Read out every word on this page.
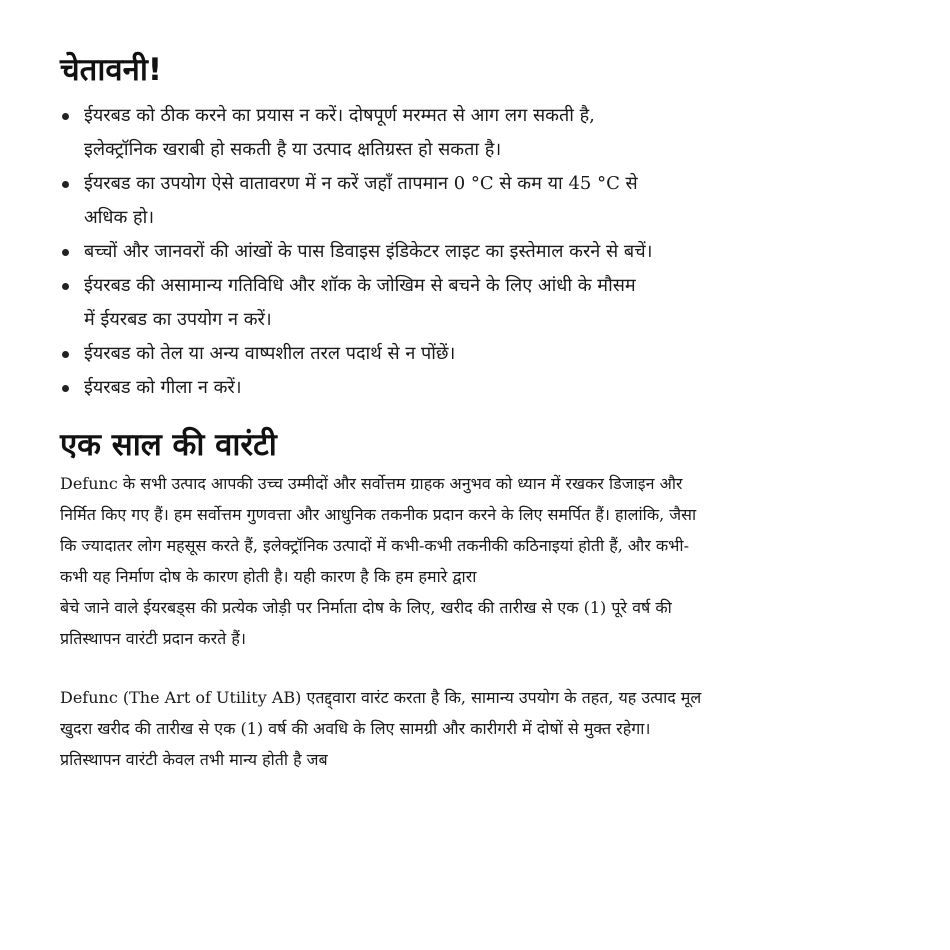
चेतावनी!
ईयरबड को ठीक करने का प्रयास न करें। दोषपूर्ण मरम्मत से आग लग सकती है,
इलेक्ट्रॉनिक खराबी हो सकती है या उत्पाद क्षतिग्रस्त हो सकता है।
ईयरबड का उपयोग ऐसे वातावरण में न करें जहाँ तापमान 0 °C से कम या 45 °C से
अधिक हो।
बच्चों और जानवरों की आंखों के पास डिवाइस इंडिकेटर लाइट का इस्तेमाल करने से बचें।
ईयरबड की असामान्य गतिविधि और शॉक के जोखिम से बचने के लिए आंधी के मौसम
में ईयरबड का उपयोग न करें।
ईयरबड को तेल या अन्य वाष्पशील तरल पदार्थ से न पोंछें।
ईयरबड को गीला न करें।
एक साल की वारंटी

Defunc के सभी उत्पाद आपकी उच्च उम्मीदों और सर्वोत्तम ग्राहक अनुभव को ध्यान में रखकर डिजाइन और
निर्मित किए गए हैं। हम सर्वोत्तम गुणवत्ता और आधुनिक तकनीक प्रदान करने के लिए समर्पित हैं। हालांकि, जैसा
कि ज्यादातर लोग महसूस करते हैं, इलेक्ट्रॉनिक उत्पादों में कभी-कभी तकनीकी कठिनाइयां होती हैं, और कभी-
कभी यह निर्माण दोष के कारण होती है। यही कारण है कि हम हमारे द्वारा
बेचे जाने वाले ईयरबड्स की प्रत्येक जोड़ी पर निर्माता दोष के लिए, खरीद की तारीख से एक (1) पूरे वर्ष की
प्रतिस्थापन वारंटी प्रदान करते हैं।

Defunc (The Art of Utility AB) एतद्द्वारा वारंट करता है कि, सामान्य उपयोग के तहत, यह उत्पाद मूल
खुदरा खरीद की तारीख से एक (1) वर्ष की अवधि के लिए सामग्री और कारीगरी में दोषों से मुक्त रहेगा।
प्रतिस्थापन वारंटी केवल तभी मान्य होती है जब
